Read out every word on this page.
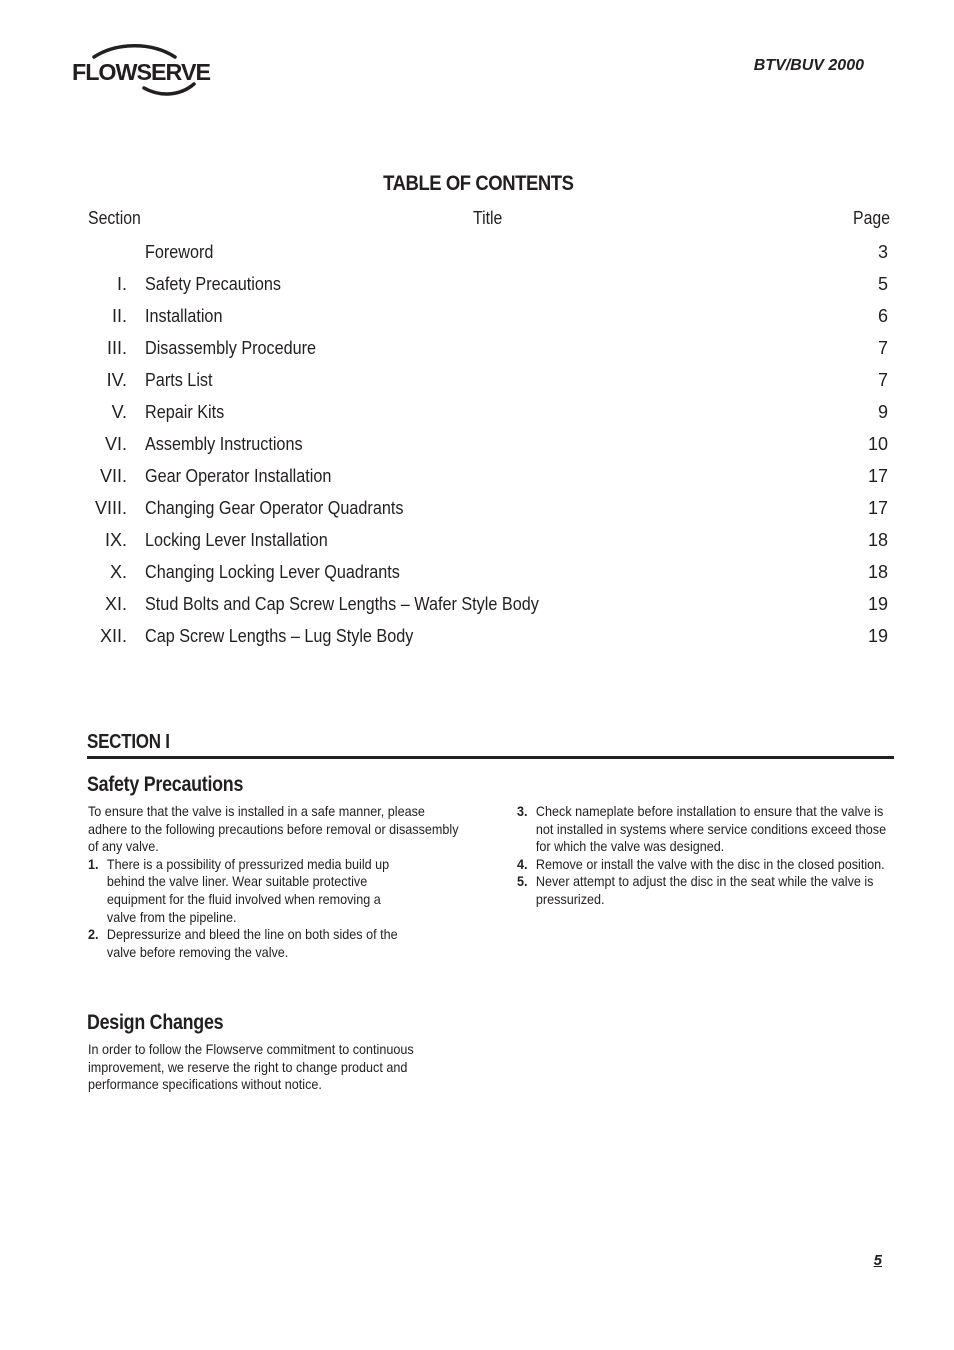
FLOWSERVE	BTV/BUV 2000
TABLE OF CONTENTS
Section	Title	Page
Foreword	3
I. Safety Precautions	5
II. Installation	6
III. Disassembly Procedure	7
IV. Parts List	7
V. Repair Kits	9
VI. Assembly Instructions	10
VII. Gear Operator Installation	17
VIII. Changing Gear Operator Quadrants	17
IX. Locking Lever Installation	18
X. Changing Locking Lever Quadrants	18
XI. Stud Bolts and Cap Screw Lengths – Wafer Style Body	19
XII. Cap Screw Lengths – Lug Style Body	19
SECTION I
Safety Precautions

To ensure that the valve is installed in a safe manner, please adhere to the following precautions before removal or disassembly of any valve.

1. There is a possibility of pressurized media build up behind the valve liner. Wear suitable protective equipment for the fluid involved when removing a valve from the pipeline.
2. Depressurize and bleed the line on both sides of the valve before removing the valve.
3. Check nameplate before installation to ensure that the valve is not installed in systems where service conditions exceed those for which the valve was designed.
4. Remove or install the valve with the disc in the closed position.
5. Never attempt to adjust the disc in the seat while the valve is pressurized.
Design Changes
In order to follow the Flowserve commitment to continuous improvement, we reserve the right to change product and performance specifications without notice.
5
